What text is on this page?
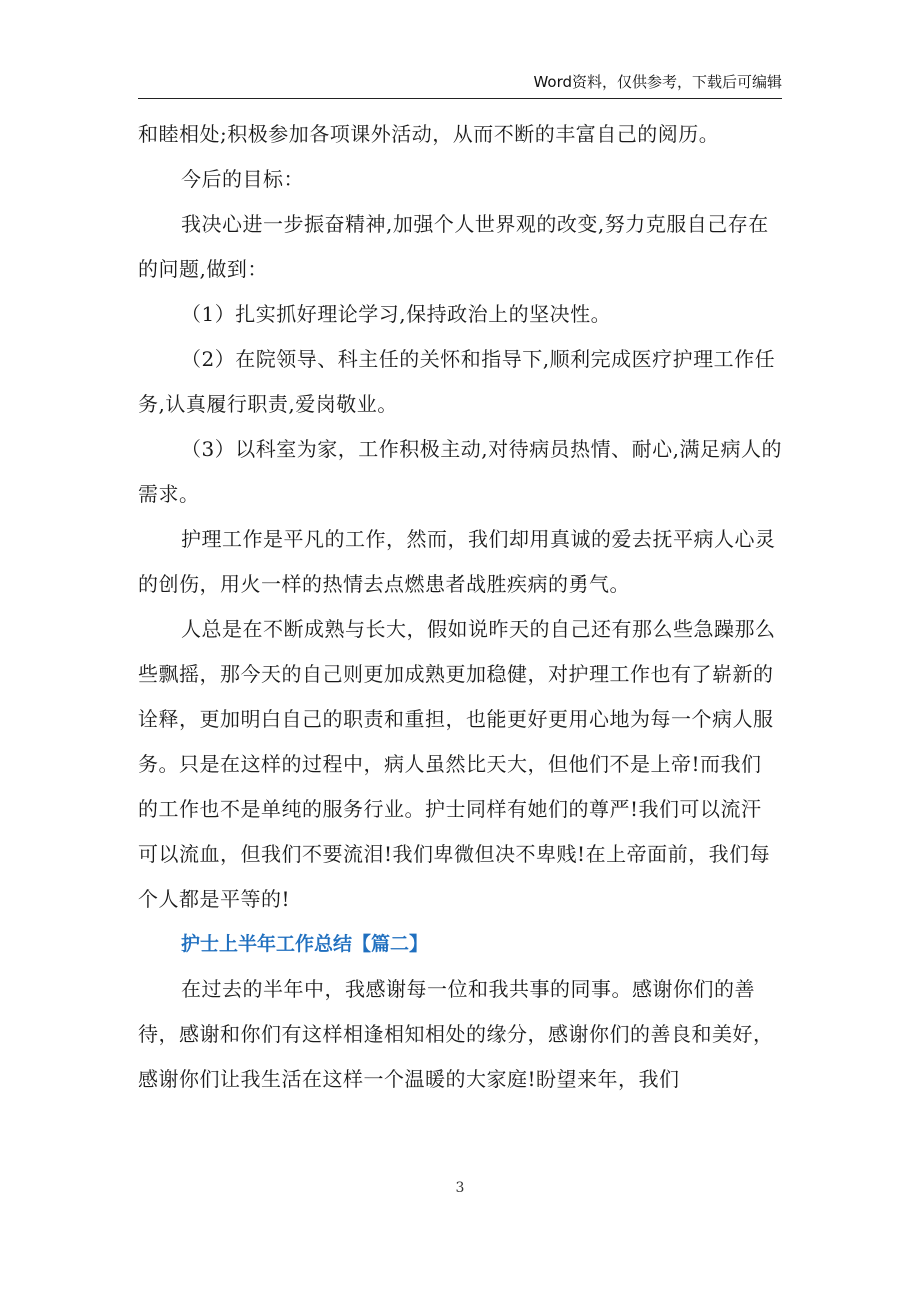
Word资料，仅供参考，下载后可编辑

和睦相处;积极参加各项课外活动，从而不断的丰富自己的阅历。

今后的目标：

我决心进一步振奋精神,加强个人世界观的改变,努力克服自己存在的问题,做到：

（1）扎实抓好理论学习,保持政治上的坚决性。

（2）在院领导、科主任的关怀和指导下,顺利完成医疗护理工作任务,认真履行职责,爱岗敬业。

（3）以科室为家，工作积极主动,对待病员热情、耐心,满足病人的需求。

护理工作是平凡的工作，然而，我们却用真诚的爱去抚平病人心灵的创伤，用火一样的热情去点燃患者战胜疾病的勇气。

人总是在不断成熟与长大，假如说昨天的自己还有那么些急躁那么些飘摇，那今天的自己则更加成熟更加稳健，对护理工作也有了崭新的诠释，更加明白自己的职责和重担，也能更好更用心地为每一个病人服务。只是在这样的过程中，病人虽然比天大，但他们不是上帝!而我们的工作也不是单纯的服务行业。护士同样有她们的尊严!我们可以流汗可以流血，但我们不要流泪!我们卑微但决不卑贱!在上帝面前，我们每个人都是平等的!

护士上半年工作总结【篇二】

在过去的半年中，我感谢每一位和我共事的同事。感谢你们的善待，感谢和你们有这样相逢相知相处的缘分，感谢你们的善良和美好，感谢你们让我生活在这样一个温暖的大家庭!盼望来年，我们

3
